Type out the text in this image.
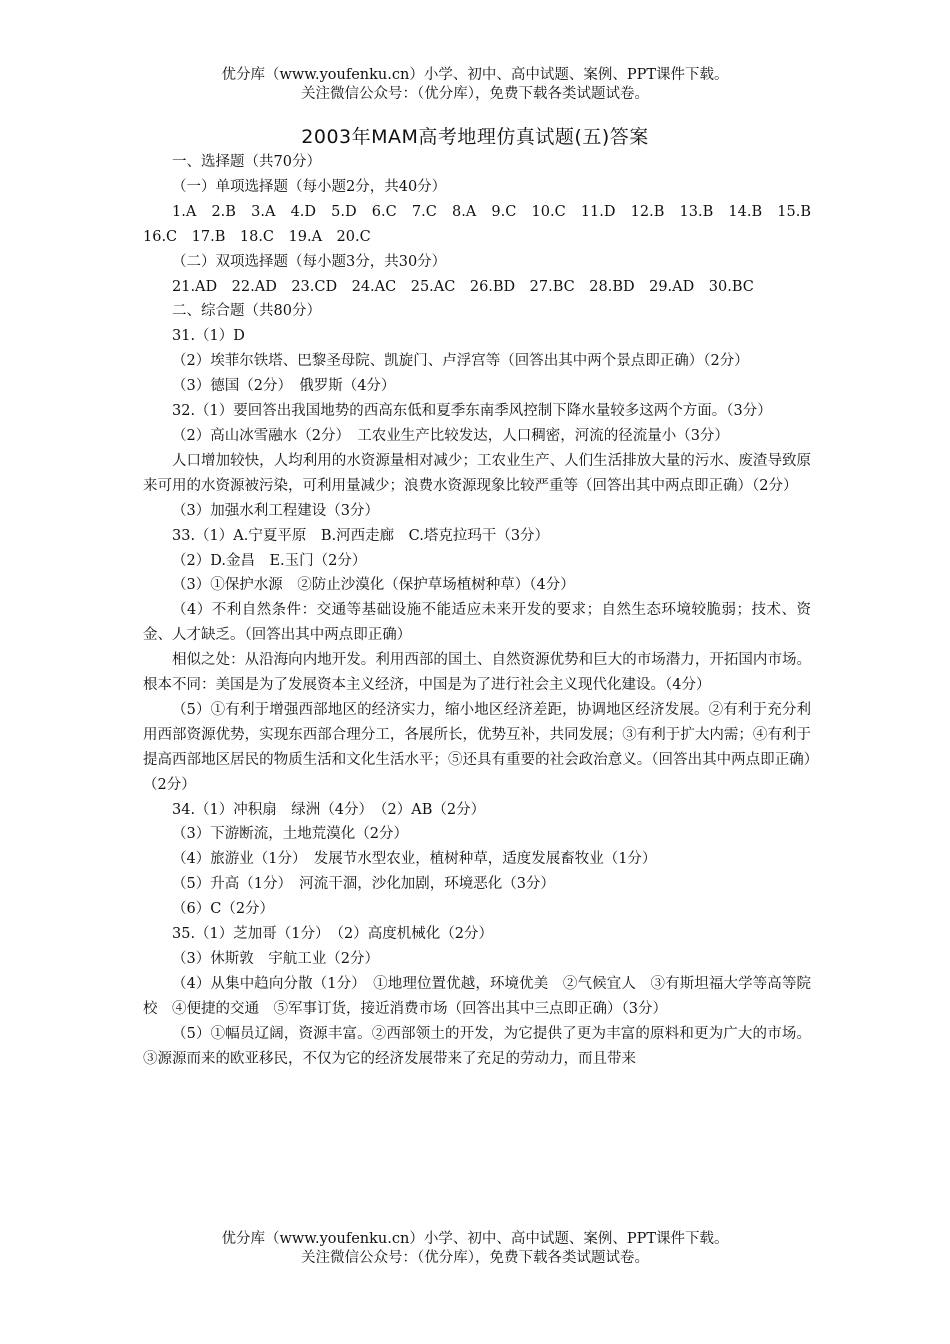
优分库（www.youfenku.cn）小学、初中、高中试题、案例、PPT课件下载。
关注微信公众号：（优分库），免费下载各类试题试卷。
2003年MAM高考地理仿真试题(五)答案

一、选择题（共70分）

（一）单项选择题（每小题2分，共40分）

1.A　2.B　3.A　4.D　5.D　6.C　7.C　8.A　9.C　10.C　11.D　12.B　13.B　14.B　15.B　16.C　17.B　18.C　19.A　20.C

（二）双项选择题（每小题3分，共30分）

21.AD　22.AD　23.CD　24.AC　25.AC　26.BD　27.BC　28.BD　29.AD　30.BC

二、综合题（共80分）

31.（1）D

（2）埃菲尔铁塔、巴黎圣母院、凯旋门、卢浮宫等（回答出其中两个景点即正确）（2分）

（3）德国（2分）　俄罗斯（4分）

32.（1）要回答出我国地势的西高东低和夏季东南季风控制下降水量较多这两个方面。（3分）

（2）高山冰雪融水（2分）　工农业生产比较发达，人口稠密，河流的径流量小（3分）

人口增加较快，人均利用的水资源量相对减少；工农业生产、人们生活排放大量的污水、废渣导致原来可用的水资源被污染，可利用量减少；浪费水资源现象比较严重等（回答出其中两点即正确）（2分）

（3）加强水利工程建设（3分）

33.（1）A.宁夏平原　B.河西走廊　C.塔克拉玛干（3分）

（2）D.金昌　E.玉门（2分）

（3）①保护水源　②防止沙漠化（保护草场植树种草）（4分）

（4）不利自然条件：交通等基础设施不能适应未来开发的要求；自然生态环境较脆弱；技术、资金、人才缺乏。（回答出其中两点即正确）

相似之处：从沿海向内地开发。利用西部的国土、自然资源优势和巨大的市场潜力，开拓国内市场。根本不同：美国是为了发展资本主义经济，中国是为了进行社会主义现代化建设。（4分）

（5）①有利于增强西部地区的经济实力，缩小地区经济差距，协调地区经济发展。②有利于充分利用西部资源优势，实现东西部合理分工，各展所长，优势互补，共同发展；③有利于扩大内需；④有利于提高西部地区居民的物质生活和文化生活水平；⑤还具有重要的社会政治意义。（回答出其中两点即正确）（2分）

34.（1）冲积扇　绿洲（4分）　（2）AB（2分）

（3）下游断流，土地荒漠化（2分）

（4）旅游业（1分）　发展节水型农业，植树种草，适度发展畜牧业（1分）

（5）升高（1分）　河流干涸，沙化加剧，环境恶化（3分）

（6）C（2分）

35.（1）芝加哥（1分）　（2）高度机械化（2分）

（3）休斯敦　宇航工业（2分）

（4）从集中趋向分散（1分）　①地理位置优越，环境优美　②气候宜人　③有斯坦福大学等高等院校　④便捷的交通　⑤军事订货，接近消费市场（回答出其中三点即正确）（3分）

（5）①幅员辽阔，资源丰富。②西部领土的开发，为它提供了更为丰富的原料和更为广大的市场。③源源而来的欧亚移民，不仅为它的经济发展带来了充足的劳动力，而且带来

优分库（www.youfenku.cn）小学、初中、高中试题、案例、PPT课件下载。
关注微信公众号：（优分库），免费下载各类试题试卷。
